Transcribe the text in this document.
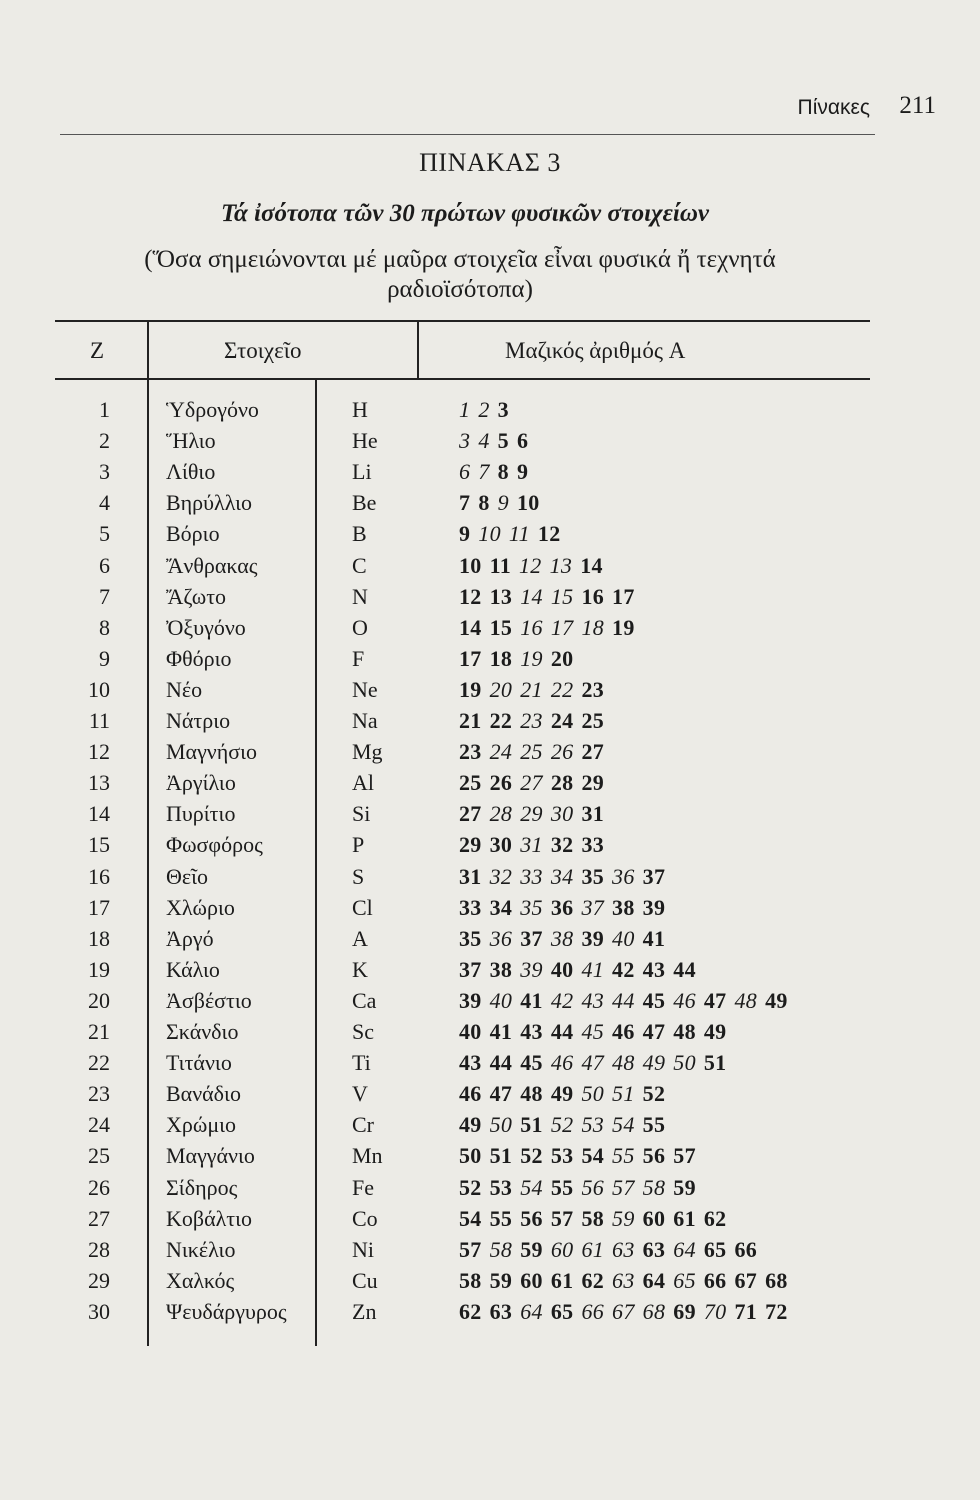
Πίνακες 211
ΠΙΝΑΚΑΣ 3
Τά ἰσότοπα τῶν 30 πρώτων φυσικῶν στοιχείων
(Ὅσα σημειώνονται μέ μαῦρα στοιχεῖα εἶναι φυσικά ἤ τεχνητά ραδιοϊσότοπα)
Z	Στοιχεῖο	Μαζικός ἀριθμός A
1	Ὑδρογόνο	H	1 2 3
2	Ἥλιο	He	3 4 5 6
3	Λίθιο	Li	6 7 8 9
4	Βηρύλλιο	Be	7 8 9 10
5	Βόριο	B	9 10 11 12
6	Ἄνθρακας	C	10 11 12 13 14
7	Ἄζωτο	N	12 13 14 15 16 17
8	Ὀξυγόνο	O	14 15 16 17 18 19
9	Φθόριο	F	17 18 19 20
10	Νέο	Ne	19 20 21 22 23
11	Νάτριο	Na	21 22 23 24 25
12	Μαγνήσιο	Mg	23 24 25 26 27
13	Ἀργίλιο	Al	25 26 27 28 29
14	Πυρίτιο	Si	27 28 29 30 31
15	Φωσφόρος	P	29 30 31 32 33
16	Θεῖο	S	31 32 33 34 35 36 37
17	Χλώριο	Cl	33 34 35 36 37 38 39
18	Ἀργό	A	35 36 37 38 39 40 41
19	Κάλιο	K	37 38 39 40 41 42 43 44
20	Ἀσβέστιο	Ca	39 40 41 42 43 44 45 46 47 48 49
21	Σκάνδιο	Sc	40 41 43 44 45 46 47 48 49
22	Τιτάνιο	Ti	43 44 45 46 47 48 49 50 51
23	Βανάδιο	V	46 47 48 49 50 51 52
24	Χρώμιο	Cr	49 50 51 52 53 54 55
25	Μαγγάνιο	Mn	50 51 52 53 54 55 56 57
26	Σίδηρος	Fe	52 53 54 55 56 57 58 59
27	Κοβάλτιο	Co	54 55 56 57 58 59 60 61 62
28	Νικέλιο	Ni	57 58 59 60 61 63 63 64 65 66
29	Χαλκός	Cu	58 59 60 61 62 63 64 65 66 67 68
30	Ψευδάργυρος	Zn	62 63 64 65 66 67 68 69 70 71 72
